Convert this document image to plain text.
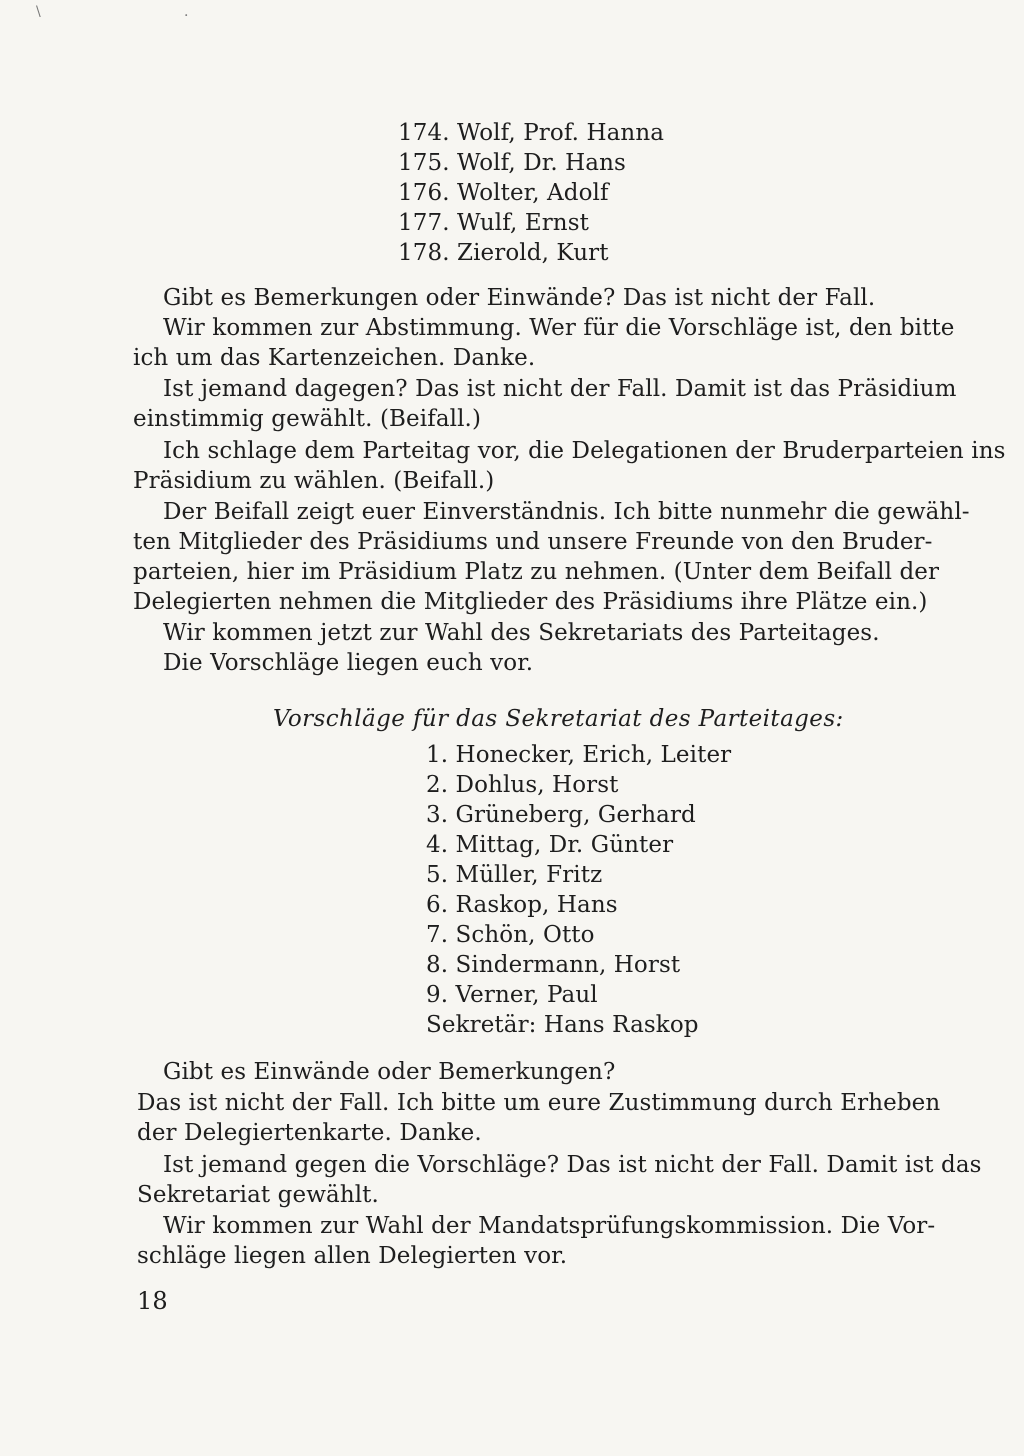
\	·
174. Wolf, Prof. Hanna
175. Wolf, Dr. Hans
176. Wolter, Adolf
177. Wulf, Ernst
178. Zierold, Kurt
Gibt es Bemerkungen oder Einwände? Das ist nicht der Fall.
Wir kommen zur Abstimmung. Wer für die Vorschläge ist, den bitte
ich um das Kartenzeichen. Danke.
Ist jemand dagegen? Das ist nicht der Fall. Damit ist das Präsidium
einstimmig gewählt. (Beifall.)
Ich schlage dem Parteitag vor, die Delegationen der Bruderparteien ins
Präsidium zu wählen. (Beifall.)
Der Beifall zeigt euer Einverständnis. Ich bitte nunmehr die gewähl-
ten Mitglieder des Präsidiums und unsere Freunde von den Bruder-
parteien, hier im Präsidium Platz zu nehmen. (Unter dem Beifall der
Delegierten nehmen die Mitglieder des Präsidiums ihre Plätze ein.)
Wir kommen jetzt zur Wahl des Sekretariats des Parteitages.
Die Vorschläge liegen euch vor.
Vorschläge für das Sekretariat des Parteitages:
1. Honecker, Erich, Leiter
2. Dohlus, Horst
3. Grüneberg, Gerhard
4. Mittag, Dr. Günter
5. Müller, Fritz
6. Raskop, Hans
7. Schön, Otto
8. Sindermann, Horst
9. Verner, Paul
Sekretär: Hans Raskop
Gibt es Einwände oder Bemerkungen?
Das ist nicht der Fall. Ich bitte um eure Zustimmung durch Erheben
der Delegiertenkarte. Danke.
Ist jemand gegen die Vorschläge? Das ist nicht der Fall. Damit ist das
Sekretariat gewählt.
Wir kommen zur Wahl der Mandatsprüfungskommission. Die Vor-
schläge liegen allen Delegierten vor.
18
